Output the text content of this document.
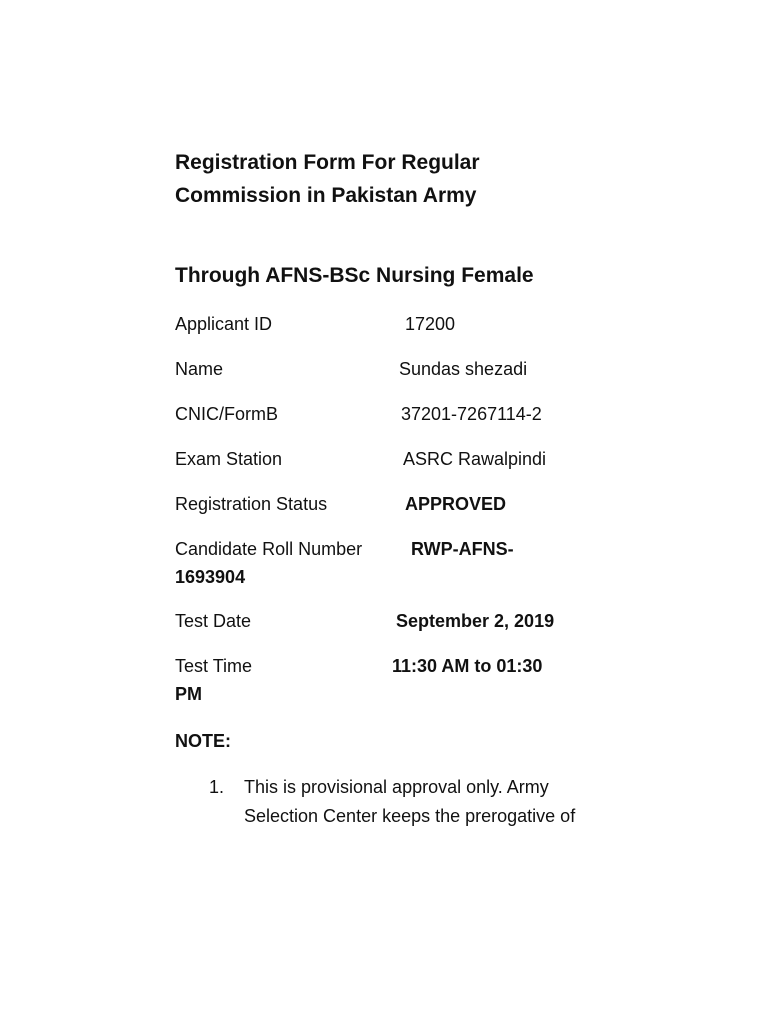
Registration Form For Regular Commission in Pakistan Army
Through AFNS-BSc Nursing Female
Applicant ID	17200
Name	Sundas shezadi
CNIC/FormB	37201-7267114-2
Exam Station	ASRC Rawalpindi
Registration Status	APPROVED
Candidate Roll Number	RWP-AFNS-
1693904
Test Date	September 2, 2019
Test Time	11:30 AM to 01:30
PM
NOTE:
1. This is provisional approval only. Army Selection Center keeps the prerogative of
